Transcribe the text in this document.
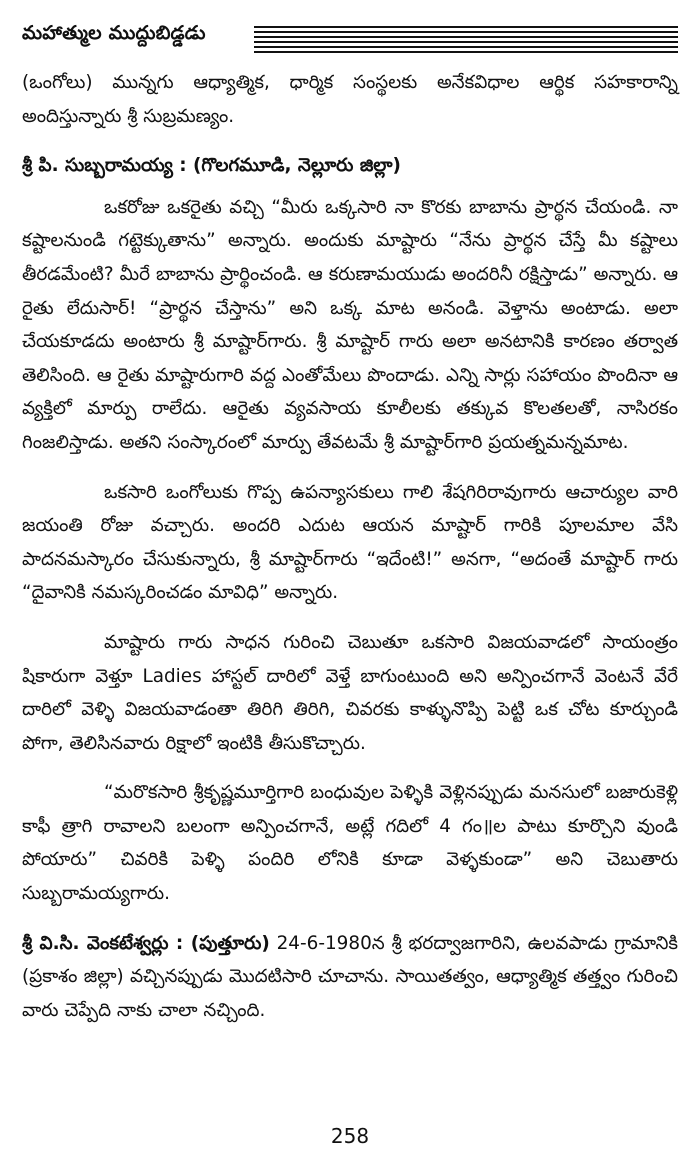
మహాత్ముల ముద్దుబిడ్డడు

(ఒంగోలు) మున్నగు ఆధ్యాత్మిక, ధార్మిక సంస్థలకు అనేకవిధాల ఆర్థిక సహకారాన్ని అందిస్తున్నారు శ్రీ సుబ్రమణ్యం.

శ్రీ పి. సుబ్బరామయ్య : (గొలగమూడి, నెల్లూరు జిల్లా)

ఒకరోజు ఒకరైతు వచ్చి “మీరు ఒక్కసారి నా కొరకు బాబాను ప్రార్థన చేయండి. నా కష్టాలనుండి గట్టెక్కుతాను” అన్నారు. అందుకు మాష్టారు “నేను ప్రార్థన చేస్తే మీ కష్టాలు తీరడమేంటి? మీరే బాబాను ప్రార్థించండి. ఆ కరుణామయుడు అందరినీ రక్షిస్తాడు” అన్నారు. ఆ రైతు లేదుసార్! “ప్రార్థన చేస్తాను” అని ఒక్క మాట అనండి. వెళ్తాను అంటాడు. అలా చేయకూడదు అంటారు శ్రీ మాష్టార్‌గారు. శ్రీ మాష్టార్ గారు అలా అనటానికి కారణం తర్వాత తెలిసింది. ఆ రైతు మాష్టారుగారి వద్ద ఎంతోమేలు పొందాడు. ఎన్ని సార్లు సహాయం పొందినా ఆ వ్యక్తిలో మార్పు రాలేదు. ఆరైతు వ్యవసాయ కూలీలకు తక్కువ కొలతలతో, నాసిరకం గింజలిస్తాడు. అతని సంస్కారంలో మార్పు తేవటమే శ్రీ మాష్టార్‌గారి ప్రయత్నమన్నమాట.

ఒకసారి ఒంగోలుకు గొప్ప ఉపన్యాసకులు గాలి శేషగిరిరావుగారు ఆచార్యుల వారి జయంతి రోజు వచ్చారు. అందరి ఎదుట ఆయన మాష్టార్ గారికి పూలమాల వేసి పాదనమస్కారం చేసుకున్నారు, శ్రీ మాష్టార్‌గారు “ఇదేంటి!” అనగా, “అదంతే మాష్టార్ గారు “దైవానికి నమస్కరించడం మావిధి” అన్నారు.

మాష్టారు గారు సాధన గురించి చెబుతూ ఒకసారి విజయవాడలో సాయంత్రం షికారుగా వెళ్తూ Ladies హాస్టల్ దారిలో వెళ్తే బాగుంటుంది అని అన్పించగానే వెంటనే వేరే దారిలో వెళ్ళి విజయవాడంతా తిరిగి తిరిగి, చివరకు కాళ్ళునొప్పి పెట్టి ఒక చోట కూర్చుండి పోగా, తెలిసినవారు రిక్షాలో ఇంటికి తీసుకొచ్చారు.

“మరొకసారి శ్రీకృష్ణమూర్తిగారి బంధువుల పెళ్ళికి వెళ్లినప్పుడు మనసులో బజారుకెళ్లి కాఫీ త్రాగి రావాలని బలంగా అన్పించగానే, అట్లే గదిలో 4 గం॥ల పాటు కూర్చొని వుండి పోయారు” చివరికి పెళ్ళి పందిరి లోనికి కూడా వెళ్ళకుండా” అని చెబుతారు సుబ్బరామయ్యగారు.

శ్రీ వి.సి. వెంకటేశ్వర్లు : (పుత్తూరు) 24-6-1980న శ్రీ భరద్వాజగారిని, ఉలవపాడు గ్రామానికి (ప్రకాశం జిల్లా) వచ్చినప్పుడు మొదటిసారి చూచాను. సాయితత్వం, ఆధ్యాత్మిక తత్త్వం గురించి వారు చెప్పేది నాకు చాలా నచ్చింది.

258
